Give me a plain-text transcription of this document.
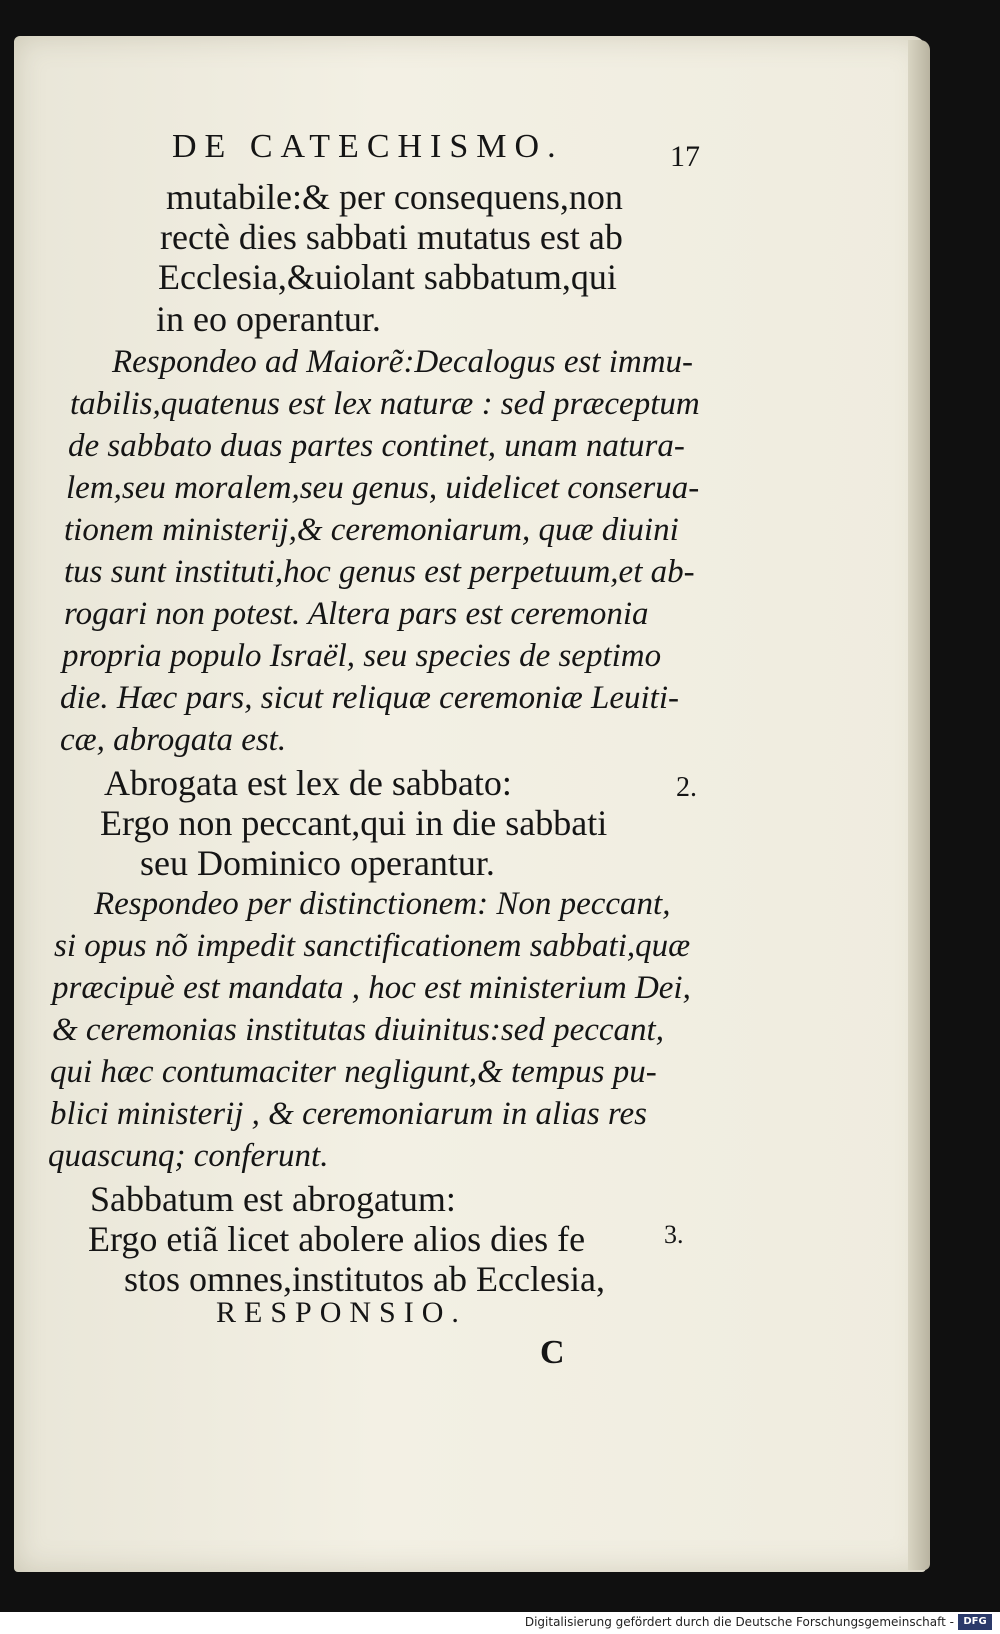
DE CATECHISMO.	17
mutabile:& per consequens,non
rectè dies sabbati mutatus est ab
Ecclesia,&uiolant sabbatum,qui
in eo operantur.
Respondeo ad Maiorẽ:Decalogus est immu-
tabilis,quatenus est lex naturæ : sed præceptum
de sabbato duas partes continet, unam natura-
lem,seu moralem,seu genus, uidelicet conserua-
tionem ministerij,& ceremoniarum, quæ diuini
tus sunt instituti,hoc genus est perpetuum,et ab-
rogari non potest. Altera pars est ceremonia
propria populo Israël, seu species de septimo
die. Hæc pars, sicut reliquæ ceremoniæ Leuiti-
cæ, abrogata est.
Abrogata est lex de sabbato:	2.
Ergo non peccant,qui in die sabbati
seu Dominico operantur.
Respondeo per distinctionem: Non peccant,
si opus nõ impedit sanctificationem sabbati,quæ
præcipuè est mandata , hoc est ministerium Dei,
& ceremonias institutas diuinitus:sed peccant,
qui hæc contumaciter negligunt,& tempus pu-
blici ministerij , & ceremoniarum in alias res
quascunq; conferunt.
Sabbatum est abrogatum:
Ergo etiã licet abolere alios dies fe	3.
stos omnes,institutos ab Ecclesia,
RESPONSIO.
C
Digitalisierung gefördert durch die Deutsche Forschungsgemeinschaft - DFG
